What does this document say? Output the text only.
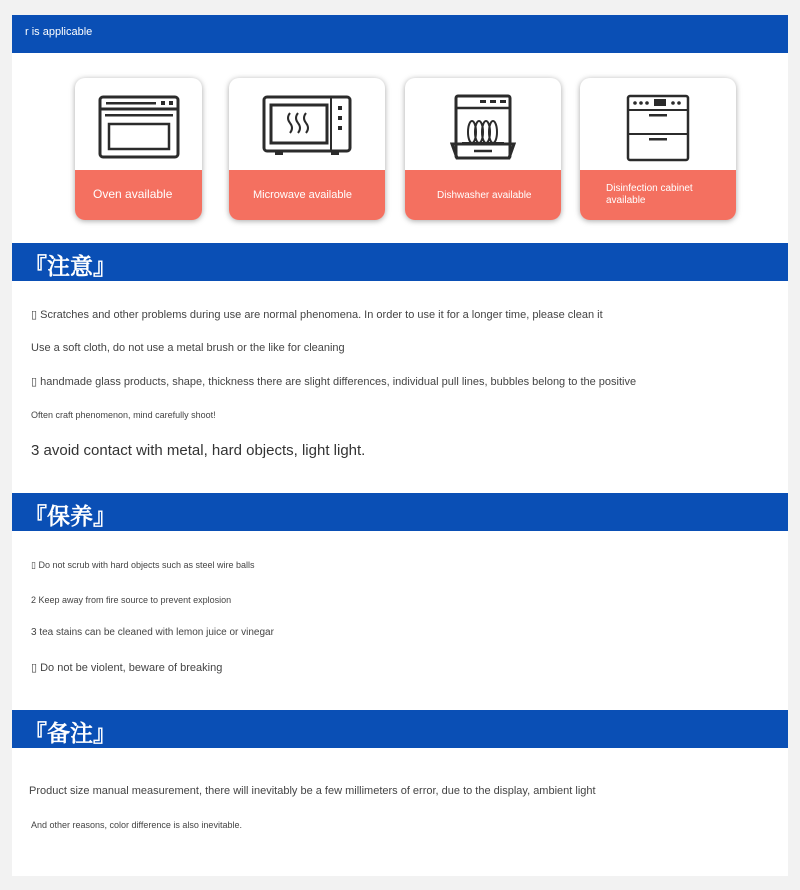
r is applicable
Oven available	Microwave available	Dishwasher available
Disinfection cabinet available
『注意』
▯ Scratches and other problems during use are normal phenomena. In order to use it for a longer time, please clean it
Use a soft cloth, do not use a metal brush or the like for cleaning
▯ handmade glass products, shape, thickness there are slight differences, individual pull lines, bubbles belong to the positive
Often craft phenomenon, mind carefully shoot!
3 avoid contact with metal, hard objects, light light.
『保养』
▯ Do not scrub with hard objects such as steel wire balls
2 Keep away from fire source to prevent explosion
3 tea stains can be cleaned with lemon juice or vinegar
▯ Do not be violent, beware of breaking
『备注』
Product size manual measurement, there will inevitably be a few millimeters of error, due to the display, ambient light
And other reasons, color difference is also inevitable.
